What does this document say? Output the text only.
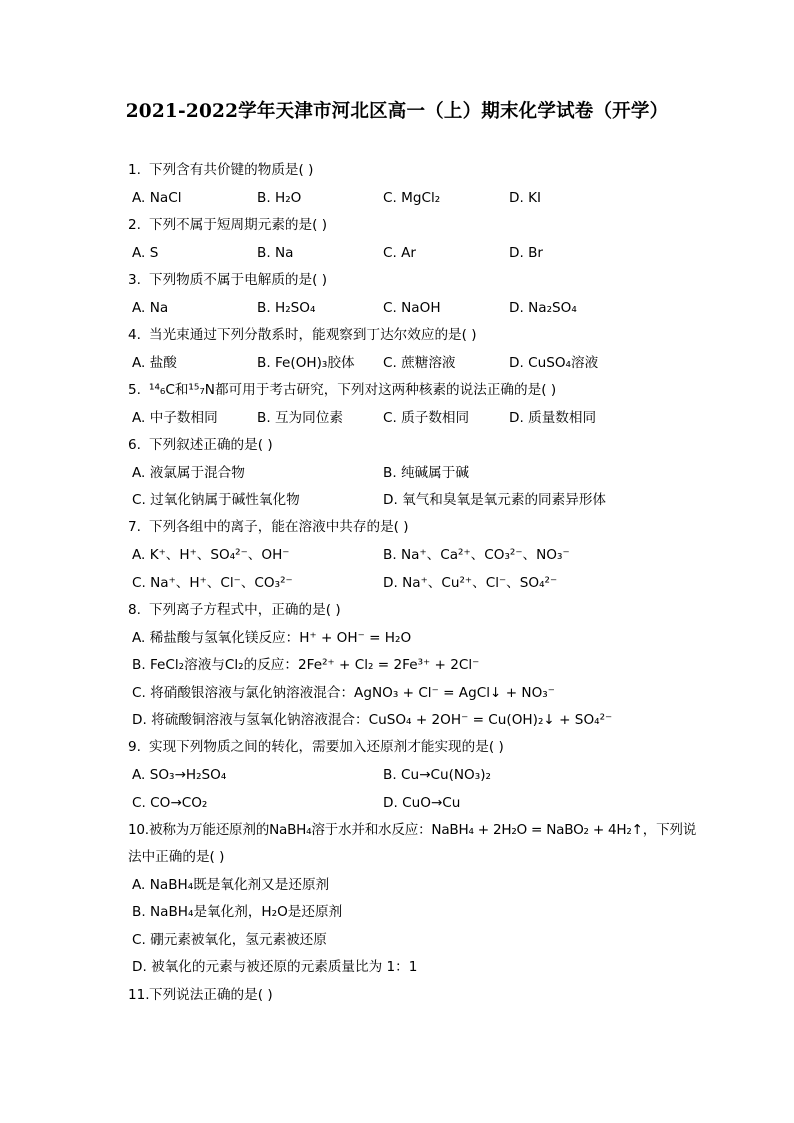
2021-2022学年天津市河北区高一（上）期末化学试卷（开学）
1. 下列含有共价键的物质是( )
A. NaCl	B. H₂O	C. MgCl₂	D. KI
2. 下列不属于短周期元素的是( )
A. S	B. Na	C. Ar	D. Br
3. 下列物质不属于电解质的是( )
A. Na	B. H₂SO₄	C. NaOH	D. Na₂SO₄
4. 当光束通过下列分散系时，能观察到丁达尔效应的是( )
A. 盐酸	B. Fe(OH)₃胶体 C. 蔗糖溶液	D. CuSO₄溶液
5. ¹⁴₆C和¹⁵₇N都可用于考古研究，下列对这两种核素的说法正确的是( )
A. 中子数相同	B. 互为同位素	C. 质子数相同	D. 质量数相同
6. 下列叙述正确的是( )
A. 液氯属于混合物	B. 纯碱属于碱
C. 过氧化钠属于碱性氧化物	D. 氧气和臭氧是氧元素的同素异形体
7. 下列各组中的离子，能在溶液中共存的是( )
A. K⁺、H⁺、SO₄²⁻、OH⁻	B. Na⁺、Ca²⁺、CO₃²⁻、NO₃⁻
C. Na⁺、H⁺、Cl⁻、CO₃²⁻	D. Na⁺、Cu²⁺、Cl⁻、SO₄²⁻
8. 下列离子方程式中，正确的是( )
A. 稀盐酸与氢氧化镁反应：H⁺ + OH⁻ = H₂O
B. FeCl₂溶液与Cl₂的反应：2Fe²⁺ + Cl₂ = 2Fe³⁺ + 2Cl⁻
C. 将硝酸银溶液与氯化钠溶液混合：AgNO₃ + Cl⁻ = AgCl↓ + NO₃⁻
D. 将硫酸铜溶液与氢氧化钠溶液混合：CuSO₄ + 2OH⁻ = Cu(OH)₂↓ + SO₄²⁻
9. 实现下列物质之间的转化，需要加入还原剂才能实现的是( )
A. SO₃→H₂SO₄	B. Cu→Cu(NO₃)₂
C. CO→CO₂	D. CuO→Cu
10.被称为万能还原剂的NaBH₄溶于水并和水反应：NaBH₄ + 2H₂O = NaBO₂ + 4H₂↑，下列说
法中正确的是( )
A. NaBH₄既是氧化剂又是还原剂
B. NaBH₄是氧化剂，H₂O是还原剂
C. 硼元素被氧化，氢元素被还原
D. 被氧化的元素与被还原的元素质量比为 1：1
11.下列说法正确的是( )
